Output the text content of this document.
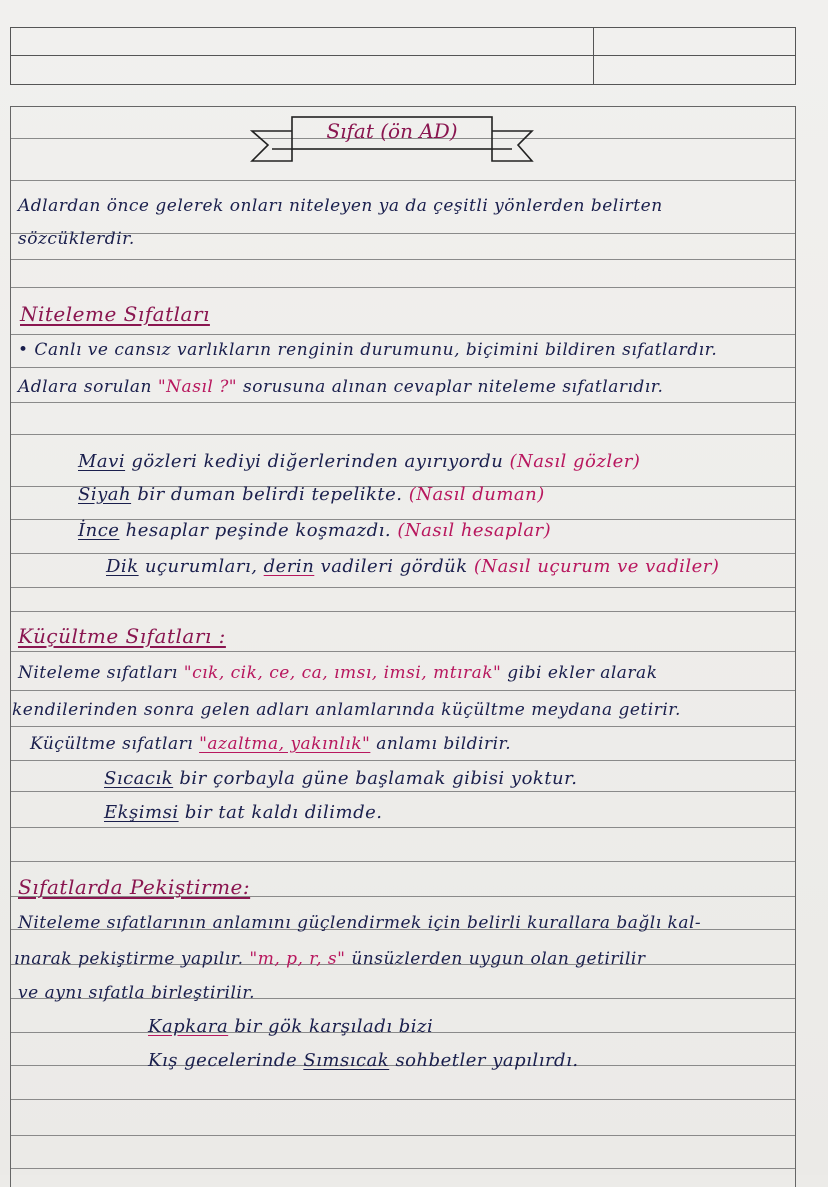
Sıfat (ön AD)
Adlardan önce gelerek onları niteleyen ya da çeşitli yönlerden belirten
sözcüklerdir.
Niteleme Sıfatları
• Canlı ve cansız varlıkların renginin durumunu, biçimini bildiren sıfatlardır.
Adlara sorulan "Nasıl ?" sorusuna alınan cevaplar niteleme sıfatlarıdır.
Mavi gözleri kediyi diğerlerinden ayırıyordu (Nasıl gözler)
Siyah bir duman belirdi tepelikte. (Nasıl duman)
İnce hesaplar peşinde koşmazdı. (Nasıl hesaplar)
Dik uçurumları, derin vadileri gördük (Nasıl uçurum ve vadiler)
Küçültme Sıfatları :
Niteleme sıfatları "cık, cik, ce, ca, ımsı, imsi, mtırak" gibi ekler alarak
kendilerinden sonra gelen adları anlamlarında küçültme meydana getirir.
Küçültme sıfatları "azaltma, yakınlık" anlamı bildirir.
Sıcacık bir çorbayla güne başlamak gibisi yoktur.
Ekşimsi bir tat kaldı dilimde.
Sıfatlarda Pekiştirme:
Niteleme sıfatlarının anlamını güçlendirmek için belirli kurallara bağlı kal-
ınarak pekiştirme yapılır. "m, p, r, s" ünsüzlerden uygun olan getirilir
ve aynı sıfatla birleştirilir.
Kapkara bir gök karşıladı bizi
Kış gecelerinde Sımsıcak sohbetler yapılırdı.
